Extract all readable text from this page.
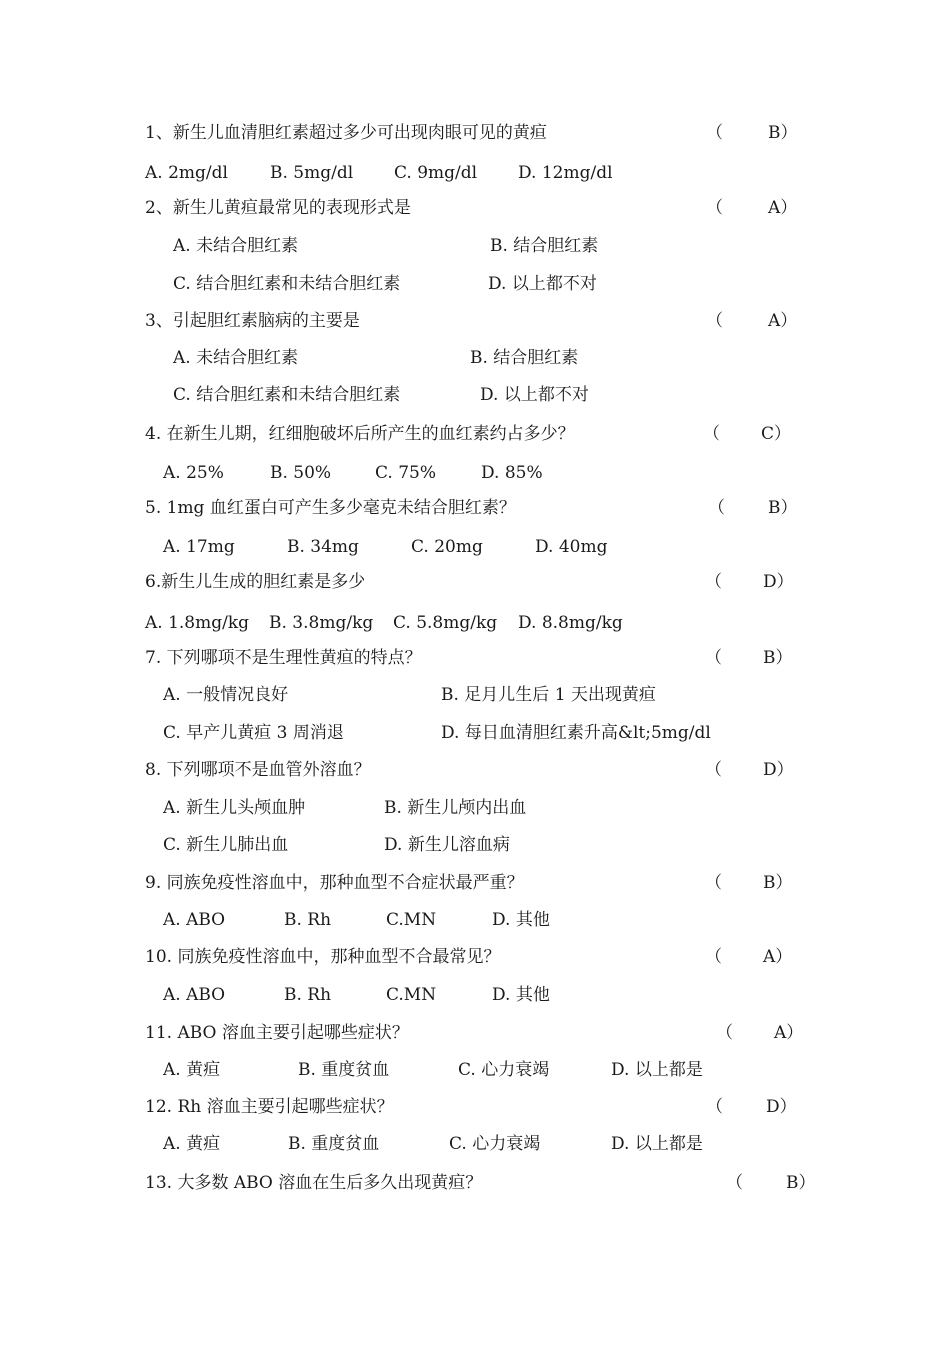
1、新生儿血清胆红素超过多少可出现肉眼可见的黄疸	（	B）
A. 2mg/dl B. 5mg/dl C. 9mg/dl D. 12mg/dl
2、新生儿黄疸最常见的表现形式是	（	A）
A. 未结合胆红素	B. 结合胆红素
C. 结合胆红素和未结合胆红素	D. 以上都不对
3、引起胆红素脑病的主要是	（	A）
A. 未结合胆红素	B. 结合胆红素
C. 结合胆红素和未结合胆红素	D. 以上都不对
4. 在新生儿期，红细胞破坏后所产生的血红素约占多少？	（ C）
A. 25%	B. 50%	C. 75%	D. 85%
5. 1mg 血红蛋白可产生多少毫克未结合胆红素？	（	B）
A. 17mg	B. 34mg	C. 20mg	D. 40mg
6.新生儿生成的胆红素是多少	（ D）
A. 1.8mg/kg B. 3.8mg/kg C. 5.8mg/kg D. 8.8mg/kg
7. 下列哪项不是生理性黄疸的特点？	（ B）
A. 一般情况良好	B. 足月儿生后 1 天出现黄疸
C. 早产儿黄疸 3 周消退	D. 每日血清胆红素升高&lt;5mg/dl
8. 下列哪项不是血管外溶血？	（ D）
A. 新生儿头颅血肿	B. 新生儿颅内出血
C. 新生儿肺出血	D. 新生儿溶血病
9. 同族免疫性溶血中，那种血型不合症状最严重？	（ B）
A. ABO	B. Rh	C.MN	D. 其他
10. 同族免疫性溶血中，那种血型不合最常见？	（ A）
A. ABO	B. Rh	C.MN	D. 其他
11. ABO 溶血主要引起哪些症状？	（ A）
A. 黄疸	B. 重度贫血	C. 心力衰竭	D. 以上都是
12. Rh 溶血主要引起哪些症状？	（	D）
A. 黄疸	B. 重度贫血	C. 心力衰竭	D. 以上都是
13. 大多数 ABO 溶血在生后多久出现黄疸？	（	B）
